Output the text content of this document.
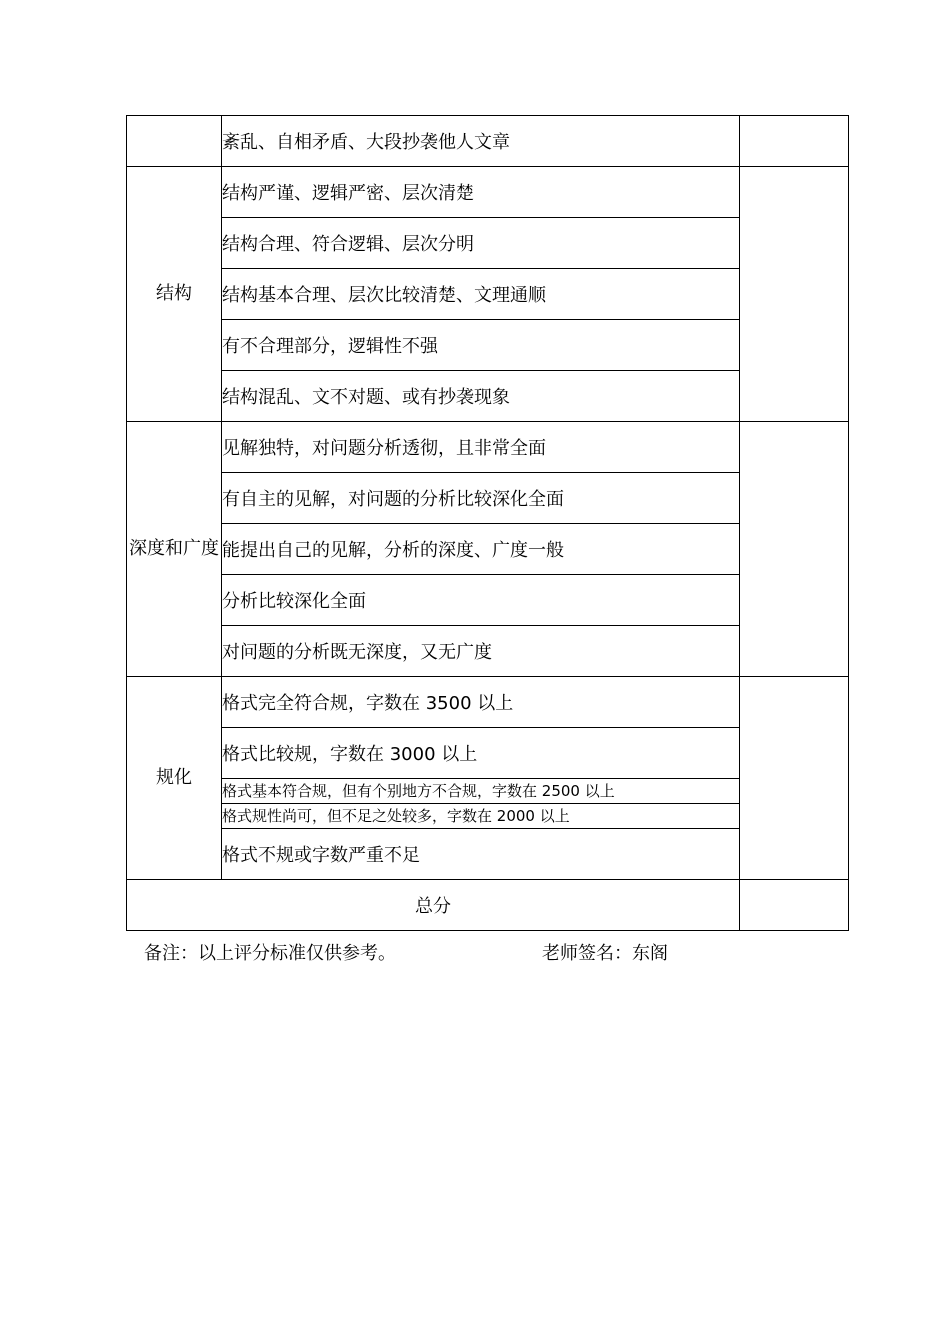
	紊乱、自相矛盾、大段抄袭他人文章	
结构	结构严谨、逻辑严密、层次清楚	
	结构合理、符合逻辑、层次分明	
	结构基本合理、层次比较清楚、文理通顺	
	有不合理部分，逻辑性不强	
	结构混乱、文不对题、或有抄袭现象	
深度和广度	见解独特，对问题分析透彻，且非常全面	
	有自主的见解，对问题的分析比较深化全面	
	能提出自己的见解，分析的深度、广度一般	
	分析比较深化全面	
	对问题的分析既无深度，又无广度	
规化	格式完全符合规，字数在 3500 以上	
	格式比较规，字数在 3000 以上	
	格式基本符合规，但有个别地方不合规，字数在 2500 以上	
	格式规性尚可，但不足之处较多，字数在 2000 以上	
	格式不规或字数严重不足	
总分		
备注：以上评分标准仅供参考。	老师签名：东阁
